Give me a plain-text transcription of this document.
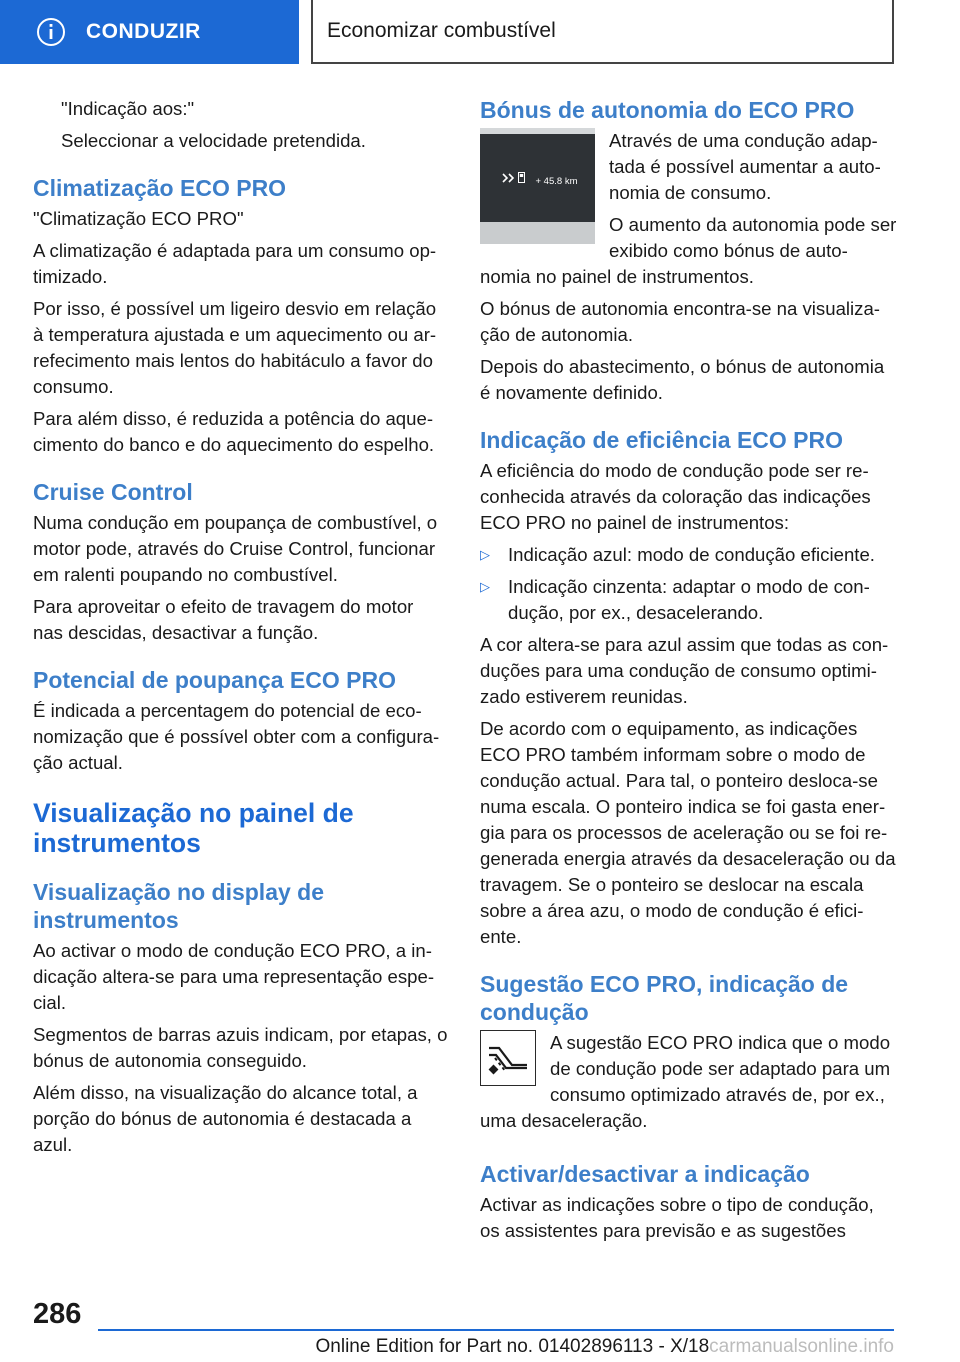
CONDUZIR	Economizar combustível

"Indicação aos:"

Seleccionar a velocidade pretendida.

Climatização ECO PRO

"Climatização ECO PRO"

A climatização é adaptada para um consumo op-timizado.

Por isso, é possível um ligeiro desvio em relação à temperatura ajustada e um aquecimento ou ar-refecimento mais lentos do habitáculo a favor do consumo.

Para além disso, é reduzida a potência do aque-cimento do banco e do aquecimento do espelho.

Cruise Control

Numa condução em poupança de combustível, o motor pode, através do Cruise Control, funcionar em ralenti poupando no combustível.

Para aproveitar o efeito de travagem do motor nas descidas, desactivar a função.

Potencial de poupança ECO PRO

É indicada a percentagem do potencial de eco-nomização que é possível obter com a configura-ção actual.

Visualização no painel de instrumentos
Visualização no display de instrumentos

Ao activar o modo de condução ECO PRO, a in-dicação altera-se para uma representação espe-cial.

Segmentos de barras azuis indicam, por etapas, o bónus de autonomia conseguido.

Além disso, na visualização do alcance total, a porção do bónus de autonomia é destacada a azul.

Bónus de autonomia do ECO PRO
+ 45.8 km

Através de uma condução adap-tada é possível aumentar a auto-nomia de consumo.

O aumento da autonomia pode ser exibido como bónus de auto-nomia no painel de instrumentos.

O bónus de autonomia encontra-se na visualiza-ção de autonomia.

Depois do abastecimento, o bónus de autonomia é novamente definido.

Indicação de eficiência ECO PRO

A eficiência do modo de condução pode ser re-conhecida através da coloração das indicações ECO PRO no painel de instrumentos:

▷ Indicação azul: modo de condução eficiente.
▷ Indicação cinzenta: adaptar o modo de con-dução, por ex., desacelerando.

A cor altera-se para azul assim que todas as con-duções para uma condução de consumo optimi-zado estiverem reunidas.

De acordo com o equipamento, as indicações ECO PRO também informam sobre o modo de condução actual. Para tal, o ponteiro desloca-se numa escala. O ponteiro indica se foi gasta ener-gia para os processos de aceleração ou se foi re-generada energia através da desaceleração ou da travagem. Se o ponteiro se deslocar na escala sobre a área azu, o modo de condução é efici-ente.

Sugestão ECO PRO, indicação de condução

A sugestão ECO PRO indica que o modo de condução pode ser adaptado para um consumo optimizado através de, por ex., uma desaceleração.

Activar/desactivar a indicação

Activar as indicações sobre o tipo de condução, os assistentes para previsão e as sugestões

286
Online Edition for Part no. 01402896113 - X/18carmanualsonline.info
